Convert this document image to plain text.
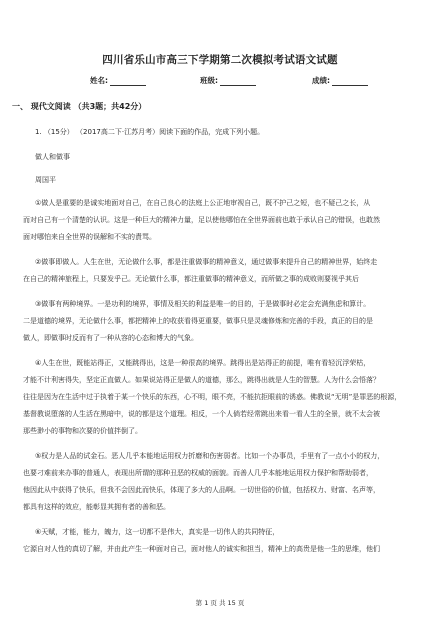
四川省乐山市高三下学期第二次模拟考试语文试题
姓名:	班级:	成绩:
一、 现代文阅读 （共3题；共42分）
1. （15分） （2017高二下·江苏月考）阅读下面的作品，完成下列小题。
做人和做事
周国平
①做人是重要的是诚实地面对自己，在自己良心的法庭上公正地审视自己，既不护己之短，也不疑己之长，从
而对自己有一个清楚的认识。这是一种巨大的精神力量，足以使他哪怕在全世界面前也敢于承认自己的错误，也敢然
面对哪怕来自全世界的误解和不实的責骂。
②做事即做人。人生在世，无论做什么事，都是注重做事的精神意义，通过做事来提升自己的精神世界，始终走
在自己的精神旅程上，只要发乎己。无论做什么事，都注重做事的精神意义，而所做之事的成败则要视乎其后
③做事有两种境界。一是功利的境界，事情及相关的利益是唯一的目的，于是做事时必定会充满焦虑和算计。
二是道德的境界，无论做什么事，都把精神上的收获看得更重要，做事只是灵魂修炼和完善的手段，真正的目的是
做人，即做事时反而有了一种从容的心态和博大的气象。
④人生在世，既能站得正，又能跳得出，这是一种很高的境界。跳得出是站得正的前提，唯有看轻沉浮荣枯，
才能不计利害得失，坚定正直做人。如果说站得正是做人的道德，那么，跳得出就是人生的智慧。人为什么会悟落？
往往是因为在生活中过于执着于某一个快乐的东西，心不明，眼不亮，不能抗拒眼前的诱惑。佛教说“无明”是罪恶的根源，
基督教说堕落的人生活在黑暗中，说的都是这个道理。相反，一个人倘若经常跳出来看一看人生的全景，就不太会被
那些渺小的事物和次要的价值拌倒了。
⑤权力是人品的试金石。恶人几乎本能地运用权力折磨和伤害弱者。比如一个办事员，手里有了一点小小的权力，
也要刁难前来办事的普通人，表现出所谓的那种丑恶的权威的面貌。而善人几乎本能地运用权力保护和帮助弱者，
他因此从中获得了快乐，但我不会因此而快乐，体现了多大的人品啊。一切世俗的价值，包括权力、财富、名声等，
都具有这样的效应，能彰显其拥有者的善和恶。
⑥天赋，才能，能力，魄力，这一切都不是伟大，真实是一切伟人的共同特征，
它源自对人性的真切了解，并由此产生一种面对自己，面对他人的诚实和担当，精神上的高贵是他一生的思维，他们
第 1 页 共 15 页
